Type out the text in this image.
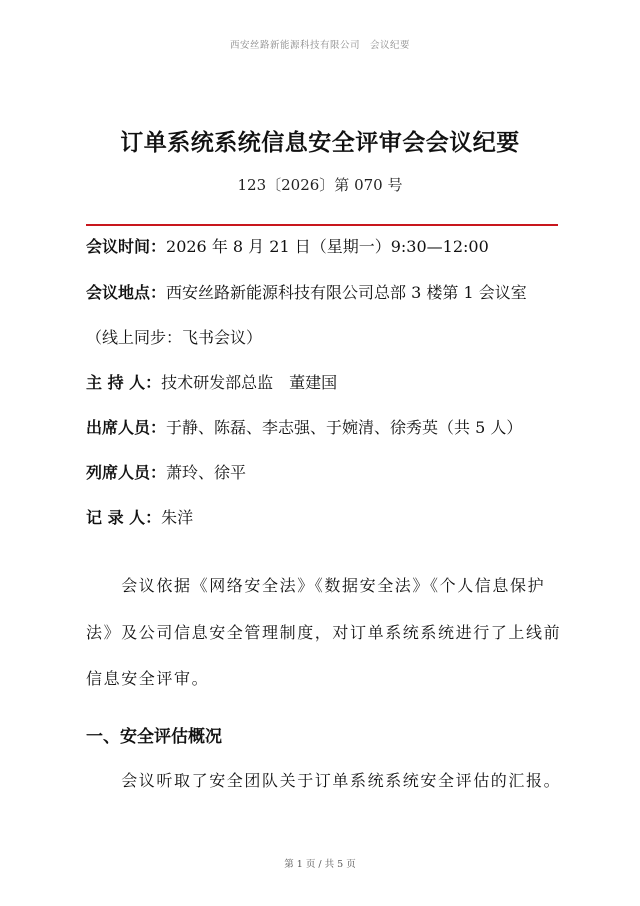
西安丝路新能源科技有限公司　会议纪要
订单系统系统信息安全评审会会议纪要
123〔2026〕第 070 号
会议时间：2026 年 8 月 21 日（星期一）9:30—12:00
会议地点：西安丝路新能源科技有限公司总部 3 楼第 1 会议室
（线上同步：飞书会议）
主 持 人：技术研发部总监　董建国
出席人员：于静、陈磊、李志强、于婉清、徐秀英（共 5 人）
列席人员：萧玲、徐平
记 录 人：朱洋
　　会议依据《网络安全法》《数据安全法》《个人信息保护
法》及公司信息安全管理制度，对订单系统系统进行了上线前
信息安全评审。
一、安全评估概况
　　会议听取了安全团队关于订单系统系统安全评估的汇报。
第 1 页 / 共 5 页
